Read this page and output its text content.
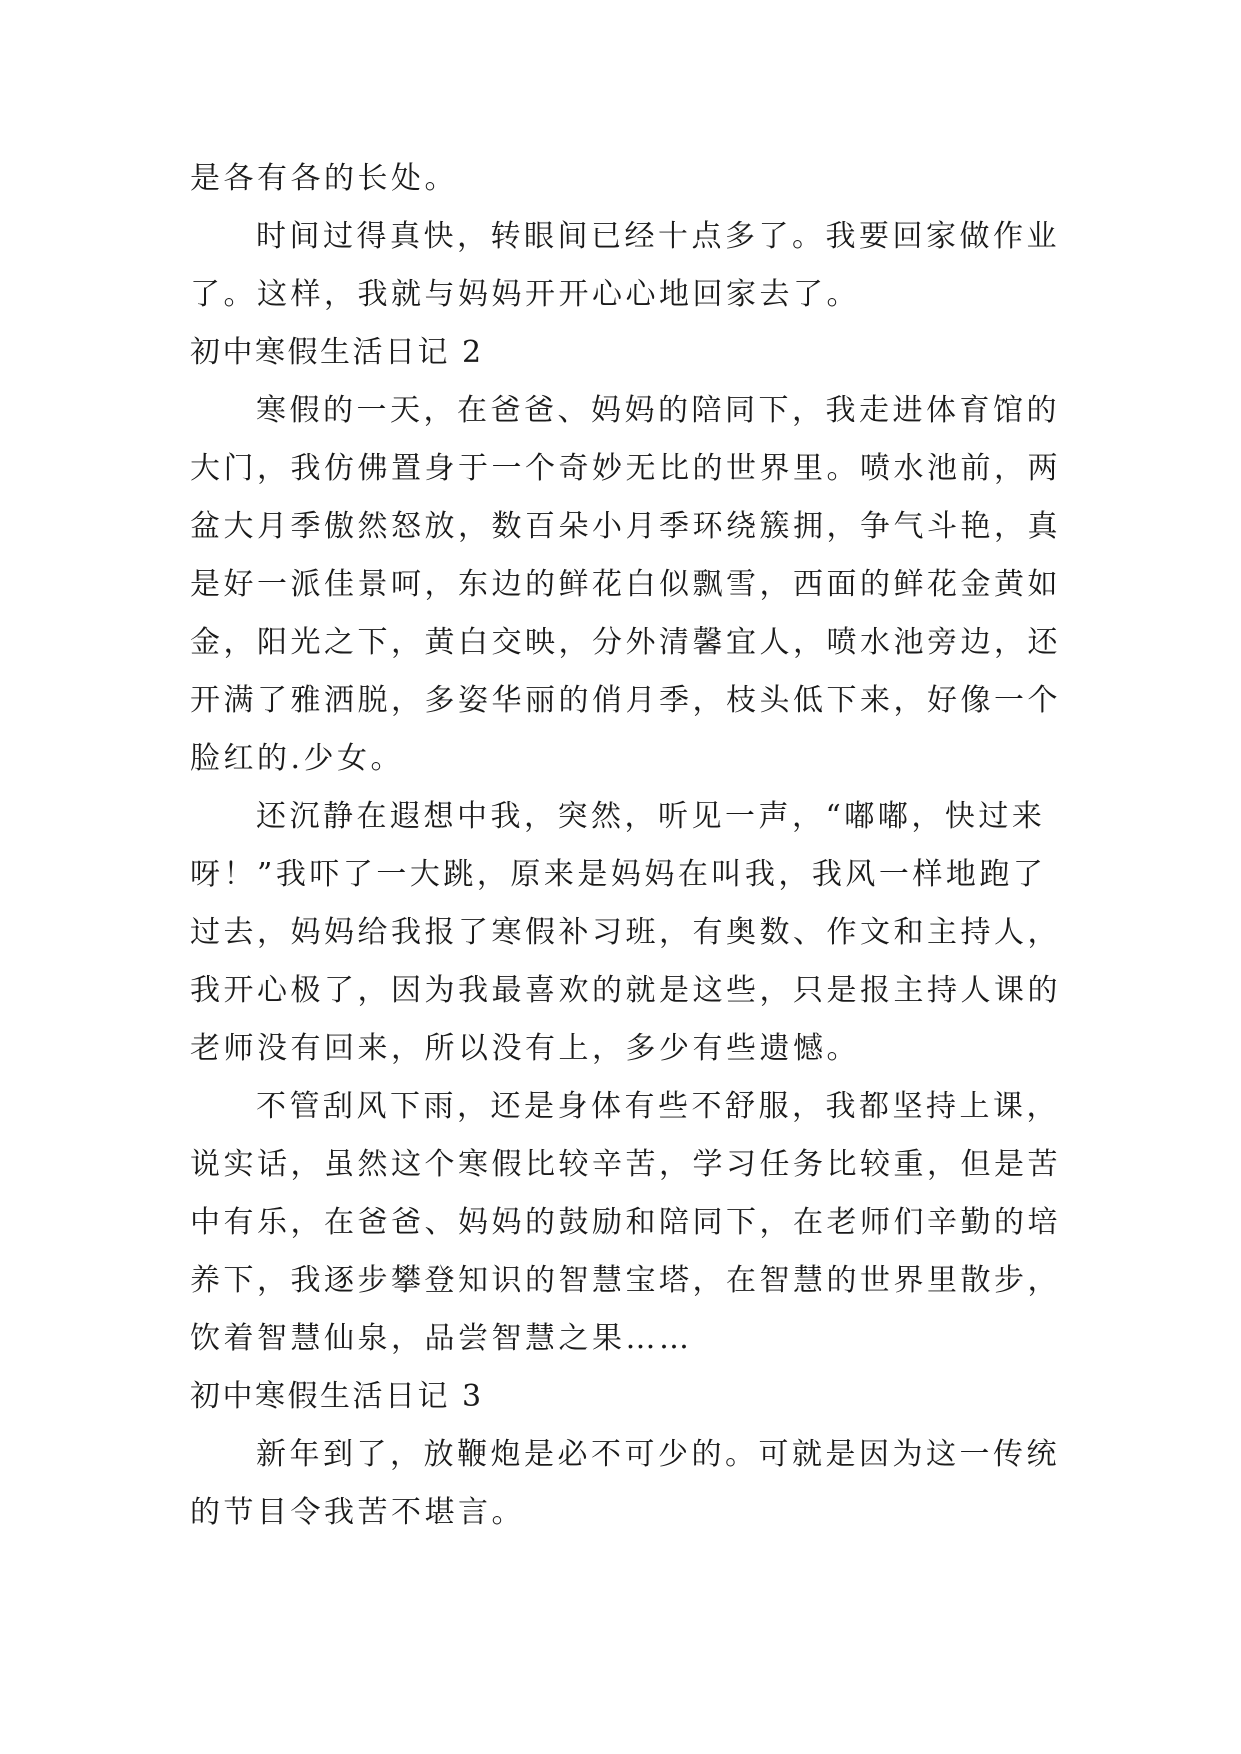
是各有各的长处。
时间过得真快，转眼间已经十点多了。我要回家做作业
了。这样，我就与妈妈开开心心地回家去了。
初中寒假生活日记 2
寒假的一天，在爸爸、妈妈的陪同下，我走进体育馆的
大门，我仿佛置身于一个奇妙无比的世界里。喷水池前，两
盆大月季傲然怒放，数百朵小月季环绕簇拥，争气斗艳，真
是好一派佳景呵，东边的鲜花白似飘雪，西面的鲜花金黄如
金，阳光之下，黄白交映，分外清馨宜人，喷水池旁边，还
开满了雅洒脱，多姿华丽的俏月季，枝头低下来，好像一个
脸红的.少女。
还沉静在遐想中我，突然，听见一声，“嘟嘟，快过来
呀！”我吓了一大跳，原来是妈妈在叫我，我风一样地跑了
过去，妈妈给我报了寒假补习班，有奥数、作文和主持人，
我开心极了，因为我最喜欢的就是这些，只是报主持人课的
老师没有回来，所以没有上，多少有些遗憾。
不管刮风下雨，还是身体有些不舒服，我都坚持上课，
说实话，虽然这个寒假比较辛苦，学习任务比较重，但是苦
中有乐，在爸爸、妈妈的鼓励和陪同下，在老师们辛勤的培
养下，我逐步攀登知识的智慧宝塔，在智慧的世界里散步，
饮着智慧仙泉，品尝智慧之果……
初中寒假生活日记 3
新年到了，放鞭炮是必不可少的。可就是因为这一传统
的节目令我苦不堪言。
